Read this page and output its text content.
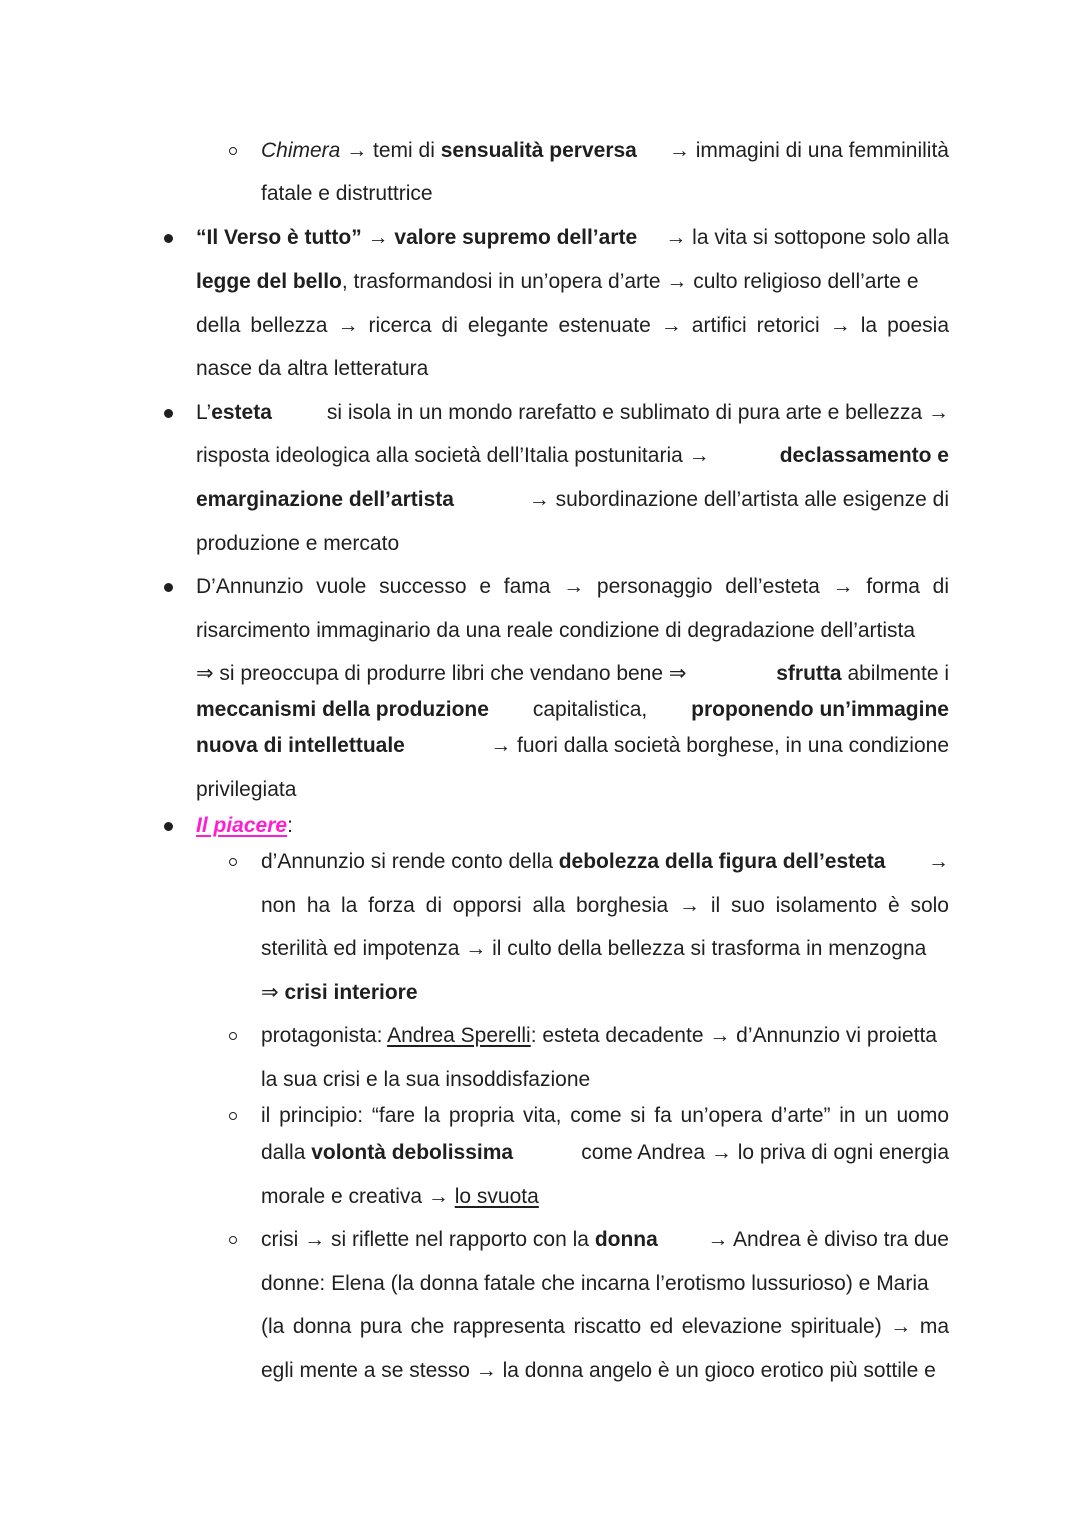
Chimera → temi di sensualità perversa → immagini di una femminilità
fatale e distruttrice
“Il Verso è tutto” → valore supremo dell’arte → la vita si sottopone solo alla
legge del bello, trasformandosi in un’opera d’arte → culto religioso dell’arte e
della bellezza → ricerca di elegante estenuate → artifici retorici → la poesia
nasce da altra letteratura
L’esteta	si isola in un mondo rarefatto e sublimato di pura arte e bellezza →
risposta ideologica alla società dell’Italia postunitaria →	declassamento e
emarginazione dell’artista	→ subordinazione dell’artista alle esigenze di
produzione e mercato
D’Annunzio vuole successo e fama → personaggio dell’esteta → forma di
risarcimento immaginario da una reale condizione di degradazione dell’artista
⇒ si preoccupa di produrre libri che vendano bene ⇒	sfrutta abilmente i
meccanismi della produzione capitalistica, proponendo un’immagine
nuova di intellettuale	→ fuori dalla società borghese, in una condizione
privilegiata
Il piacere:
d’Annunzio si rende conto della debolezza della figura dell’esteta →
non ha la forza di opporsi alla borghesia → il suo isolamento è solo
sterilità ed impotenza → il culto della bellezza si trasforma in menzogna
⇒ crisi interiore
protagonista: Andrea Sperelli: esteta decadente → d’Annunzio vi proietta
la sua crisi e la sua insoddisfazione
il principio: “fare la propria vita, come si fa un’opera d’arte” in un uomo
dalla volontà debolissima	come Andrea → lo priva di ogni energia
morale e creativa → lo svuota
crisi → si riflette nel rapporto con la donna → Andrea è diviso tra due
donne: Elena (la donna fatale che incarna l’erotismo lussurioso) e Maria
(la donna pura che rappresenta riscatto ed elevazione spirituale) → ma
egli mente a se stesso → la donna angelo è un gioco erotico più sottile e
